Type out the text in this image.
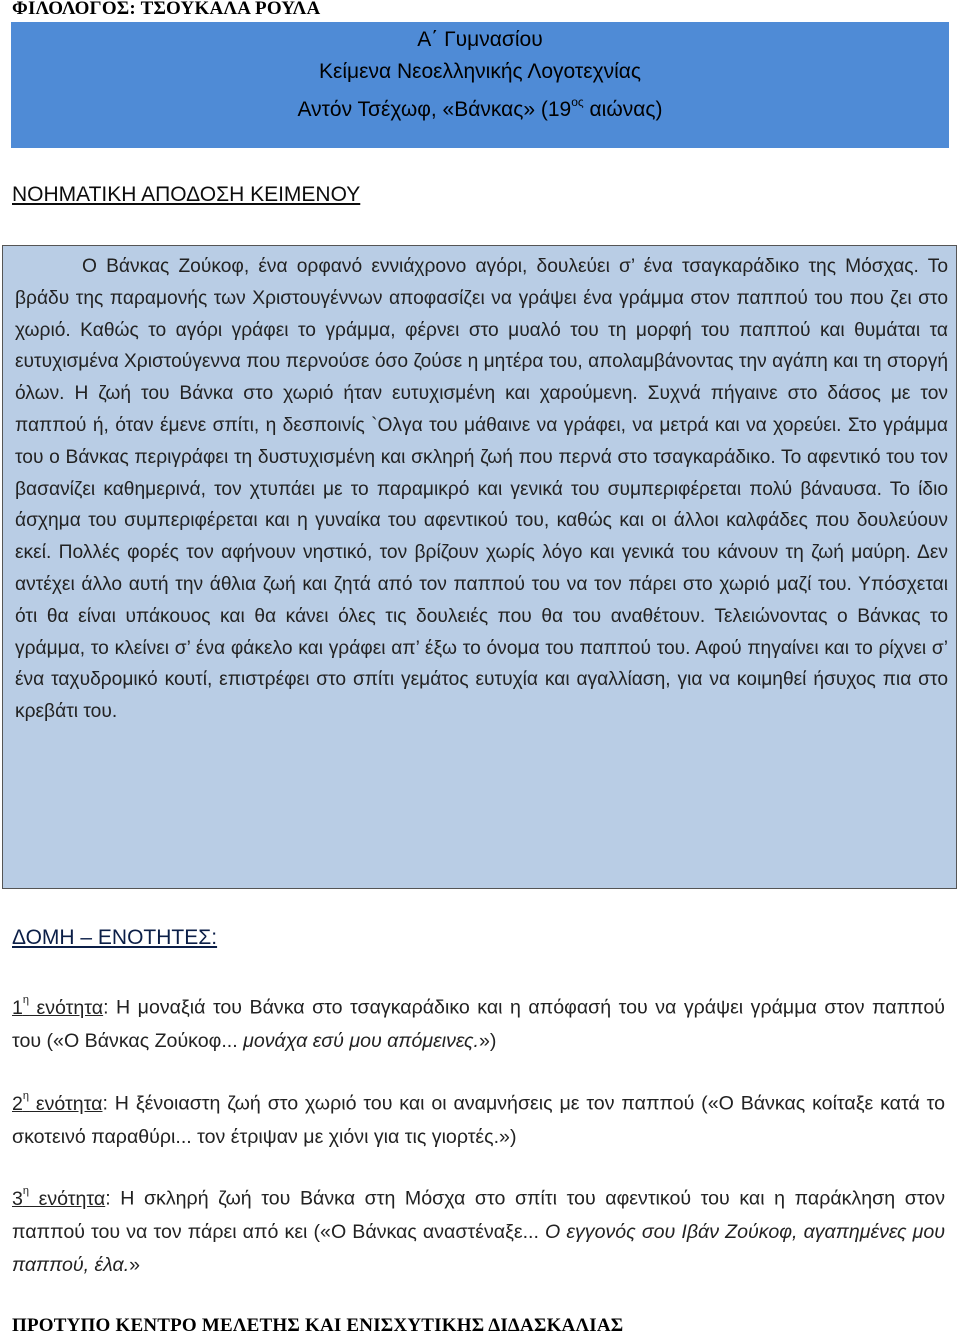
ΦΙΛΟΛΟΓΟΣ: ΤΣΟΥΚΑΛΑ ΡΟΥΛΑ
Α΄ Γυμνασίου
Κείμενα Νεοελληνικής Λογοτεχνίας
Αντόν Τσέχωφ, «Βάνκας» ($19^{o\varsigma}$ αιώνας)
ΝΟΗΜΑΤΙΚΗ ΑΠΟΔΟΣΗ ΚΕΙΜΕΝΟΥ

Ο Βάνκας Ζούκοφ, ένα ορφανό εννιάχρονο αγόρι, δουλεύει σ’ ένα τσαγκαράδικο της Μόσχας. Το βράδυ της παραμονής των Χριστουγέννων αποφασίζει να γράψει ένα γράμμα στον παππού του που ζει στο χωριό. Καθώς το αγόρι γράφει το γράμμα, φέρνει στο μυαλό του τη μορφή του παππού και θυμάται τα ευτυχισμένα Χριστούγεννα που περνούσε όσο ζούσε η μητέρα του, απολαμβάνοντας την αγάπη και τη στοργή όλων. Η ζωή του Βάνκα στο χωριό ήταν ευτυχισμένη και χαρούμενη. Συχνά πήγαινε στο δάσος με τον παππού ή, όταν έμενε σπίτι, η δεσποινίς `Ολγα του μάθαινε να γράφει, να μετρά και να χορεύει. Στο γράμμα του ο Βάνκας περιγράφει τη δυστυχισμένη και σκληρή ζωή που περνά στο τσαγκαράδικο. Το αφεντικό του τον βασανίζει καθημερινά, τον χτυπάει με το παραμικρό και γενικά του συμπεριφέρεται πολύ βάναυσα. Το ίδιο άσχημα του συμπεριφέρεται και η γυναίκα του αφεντικού του, καθώς και οι άλλοι καλφάδες που δουλεύουν εκεί. Πολλές φορές τον αφήνουν νηστικό, τον βρίζουν χωρίς λόγο και γενικά του κάνουν τη ζωή μαύρη. Δεν αντέχει άλλο αυτή την άθλια ζωή και ζητά από τον παππού του να τον πάρει στο χωριό μαζί του. Υπόσχεται ότι θα είναι υπάκουος και θα κάνει όλες τις δουλειές που θα του αναθέτουν. Τελειώνοντας ο Βάνκας το γράμμα, το κλείνει σ’ ένα φάκελο και γράφει απ’ έξω το όνομα του παππού του. Αφού πηγαίνει και το ρίχνει σ’ ένα ταχυδρομικό κουτί, επιστρέφει στο σπίτι γεμάτος ευτυχία και αγαλλίαση, για να κοιμηθεί ήσυχος πια στο κρεβάτι του.

ΔΟΜΗ – ΕΝΟΤΗΤΕΣ:

$1^\eta$ ενότητα: Η μοναξιά του Βάνκα στο τσαγκαράδικο και η απόφασή του να γράψει γράμμα στον παππού του («Ο Βάνκας Ζούκοφ... μονάχα εσύ μου απόμεινες.»)

$2^\eta$ ενότητα: Η ξένοιαστη ζωή στο χωριό του και οι αναμνήσεις με τον παππού («Ο Βάνκας κοίταξε κατά το σκοτεινό παραθύρι... τον έτριψαν με χιόνι για τις γιορτές.»)

$3^\eta$ ενότητα: Η σκληρή ζωή του Βάνκα στη Μόσχα στο σπίτι του αφεντικού του και η παράκληση στον παππού του να τον πάρει από κει («Ο Βάνκας αναστέναξε... Ο εγγονός σου Ιβάν Ζούκοφ, αγαπημένες μου παππού, έλα.»

ΠΡΟΤΥΠΟ ΚΕΝΤΡΟ ΜΕΛΕΤΗΣ ΚΑΙ ΕΝΙΣΧΥΤΙΚΗΣ ΔΙΔΑΣΚΑΛΙΑΣ
